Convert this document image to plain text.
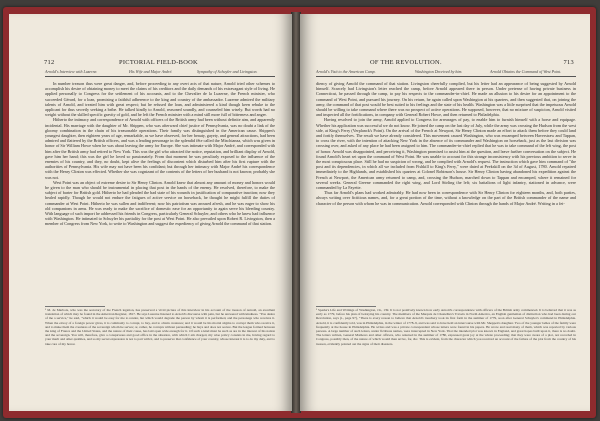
712	PICTORIAL FIELD-BOOK
Arnold's Interview with Luzerne.	His Wife and Major André.	Sympathy of Schuyler and Livingston.

In number treason thus were great danger, and, before proceeding to any overt acts of that nature, Arnold tried other schemes to accomplish his desire of obtaining money to meet the claims of his creditors and the daily demands of his extravagant style of living. He applied personally to Congress for the settlement of his accounts, and to the Chevalier de la Luzerne, the French minister, who succeeded Gérard, for a loan, promising a faithful adherence to the king and country of the ambassador. Luzerne admired the military talents of Arnold, and treated him with great respect; but he refused the loan, and administered a kind though keen rebuke to the applicant for thus secretly seeking a bribe. He talked kindly to Arnold, reasoned soundly, and counseled him wisely. But words had no weight without the skilled specific gravity of gold, and he left the French minister with a mind still more full of bitterness and anger.

Hitherto the intimacy and correspondence of Arnold with officers of the British army had been without definite aim, and apparently incidental. His marriage with the daughter of Mr. Shippen, who was afterward chief justice of Pennsylvania, was no doubt a link of the gloomy combination in the chain of his treasonable operations. Their family was distinguished in the American cause. Shippen's youngest daughter, then eighteen years of age, remarkable, as we have observed, for her beauty, gayety, and general attractions, had been admired and flattered by the British officers, and was a leading personage in the splendid fête called the Mischianza, which was given in honor of Sir William Howe when he was about leaving the army for Europe. She was intimate with Major André, and corresponded with him after the British army had retired to New York. This was the girl who attracted the notice, reputation, and brilliant display of Arnold, gave him her hand; this was the girl he loved so passionately. From that moment he was peculiarly exposed to the influence of the enemies of his country, and they, no doubt, kept alive the feelings of discontent which disturbed him after his first rupture with the authorities of Pennsylvania. His wife may not have been his confidant; but through her intimacy with Major André his correspondence with the Henry Clinton was effected. Whether she was cognizant of the contents of the letters of her husband is not known; probably she was not.

West Point was an object of extreme desire to Sir Henry Clinton. Arnold knew that almost any amount of money and honors would be given to the man who should be instrumental in placing that post in the hands of the enemy. He resolved, therefore, to make the subject of barter for British gold. Hitherto he had pleaded the bad state of his wounds in justification of comparative inaction; now they healed rapidly. Though he would not endure the fatigues of active service on horseback, he thought he might fulfill the duties of commander at West Point. Hitherto he was sullen and indifferent; now his patriotism was aroused afresh, and he was eager to show his old companions in arms. He was ready to make the sacrifice of domestic ease for an opportunity to again serve his bleeding country. With language of such import he addressed his friends in Congress, particularly General Schuyler, and others who he knew had influence with Washington. He intimated to Schuyler his partiality for the post at West Point. He also prevailed upon Robert R. Livingston, then a member of Congress from New York, to write to Washington and suggest the expediency of giving Arnold the command of that station.

¹ M. de Marbois, who was the secretary of the French legation, has preserved a vivid picture of this interview in his account of the treason of Arnold, an excellent translation of which may be found in the American Register, 1817. He says Luzerne listened to Arnold's discourse with pain, but he answered with kindness. "You desire of me a service," he said, "which it would be easy for me to render, but which would degrade the person by whom it is performed, and the personage who receives it. When the envoy of a foreign power gives, it is commonly to corrupt, to buy, and to obtain creatures; and it would be his mortal stigma to corrupt them who receive it, and to make them the creatures of the sovereign whom he serves; or, rather, he corrupts without persuading; he buys and does not secure. But the league formed between the king of France and the United States, and the nature of their cause, has laid open wide enough for it. Of such a kind must be such as are in the interest of his nation and the sovereign. You will, therefore, give a conspicuous and good office in the situation, with which I am charged, my wise policy consists in me, having regard to your merit and other qualities, and so my secret expression is not to part with it, and to preserve that confidence of your country, whose interest it is to do my duty, and to take care of my honor.
OF THE REVOLUTION.	713
Arnold's Visit to the American Camp.	Washington Deceived by him.	Arnold Obtains the Command of West Point.

diency of giving Arnold the command of that station. Livingston cheerfully complied, but his letter had an appearance of being suggested by Arnold himself. Scarcely had Livingston's letter reached the camp, before Arnold appeared there in person. Under pretense of having private business in Connecticut, he passed through the camp, to pay his respects to the commander-in-chief. He made an allusion to his desire for an appointment to the command of West Point, and pursued his journey. On his return, he again called upon Washington at his quarters, and then suggested that, on joining the army, the command of that post would be best suited to his feelings and the state of his health. Washington was a little surprised that the impetuous Arnold should be willing to take command where there was no prospect of active operations. He supposed, however, that no mixture of suspicion, Arnold visited and inspected all the fortifications, in company with General Robert Howe, and then returned to Philadelphia.

Having resolved to join the army, Arnold applied to Congress for arrearages of pay, to enable him to furnish himself with a horse and equipage. Whether his application was successful we do not know. He joined the camp on the last day of July, while the army was crossing the Hudson from the west side, at King's Ferry (Verplanck's Point). On the arrival of the French at Newport, Sir Henry Clinton made an effort to attack them before they could land and fortify themselves. The result we have already considered. This movement caused Washington, who was encamped between Haverstraw and Tappan, to cross the river, with the intention of attacking New York in the absence of its commander and Washington on horseback, just as the last division was crossing over, and asked of any place he had been assigned to him. The commander-in-chief replied that he was to take command of the left wing, the post of honor. Arnold was disappointed, and perceiving it, Washington promised to assist him at the question, and leave further conversation on the subject. He found Arnold's heart set upon the command of West Point. He was unable to account for this strange inconsistency with his previous ambition to serve in the most conspicuous place. Still he had no suspicion of wrong, and he complied with Arnold's request. The instruction which gave him command of "the post and its dependencies, in which all we included from Fishkill to King's Ferry," were dated at Peekskill on the 3d of August, 1780. Arnold repaired immediately to the Highlands, and established his quarters at Colonel Robinson's house. Sir Henry Clinton having abandoned his expedition against the French at Newport, the American army returned to camp, and, crossing the Hudson, marched down to Tappan and encamped, where it remained for several weeks. General Greene commanded the right wing, and Lord Stirling the left; six battalions of light infantry, stationed in advance, were commanded by La Fayette.

Thus far Arnold's plans had worked admirably. He had now been in correspondence with Sir Henry Clinton for eighteen months, and, both parties, always writing over fictitious names, and, for a great portion of the time, without a knowledge on the part of the British commander of the name and character of the person with whom he was in communication. Arnold corresponded with Clinton through the hands of Major André. Writing in a fei-

¹ Sparks's Life and Writings of Washington, vii., 139. It is not positively known how early Arnold's correspondence with officers of the British army commenced. It is believed that it was as early as 1779, before his plan of betraying his country. The members of the Marquis de Chastellux's Travels in North America, an English gentleman of distinction who had been during our Revolution, says (i., page 97), "There is every reason to believe that Arnold's treachery took its first form in the summer of 1779, soon after General Schuyler's command in Philadelphia. Arnold, it is confidently told, was in Philadelphia, in the winter of 1778–9, and was said to have held an intercourse with Mr. Sheppen's daughter. Two of the younger ladies of the family were frequently at the house in Philadelphia. He writes and was a private correspondent whose letters were found in his papers. He wrote and read many of them, which was reported by various persons. A large number of such letters, under fictitious names, were intercepted in New York. That the intended plot was known in England, and great hopes built upon it, there is no doubt. The letters written, General Mathews and other officers, who returned in the summer of 1780, expressed great joy at the whole proceeding; that they were aware of a plot, not recorded in Congress, possibly then, of the nature of which would then arrive, for, &c. This is evident, from the character which you received an account of the failure of the plot from the country of his treason, evidently pointed out the signs of their disasters.
